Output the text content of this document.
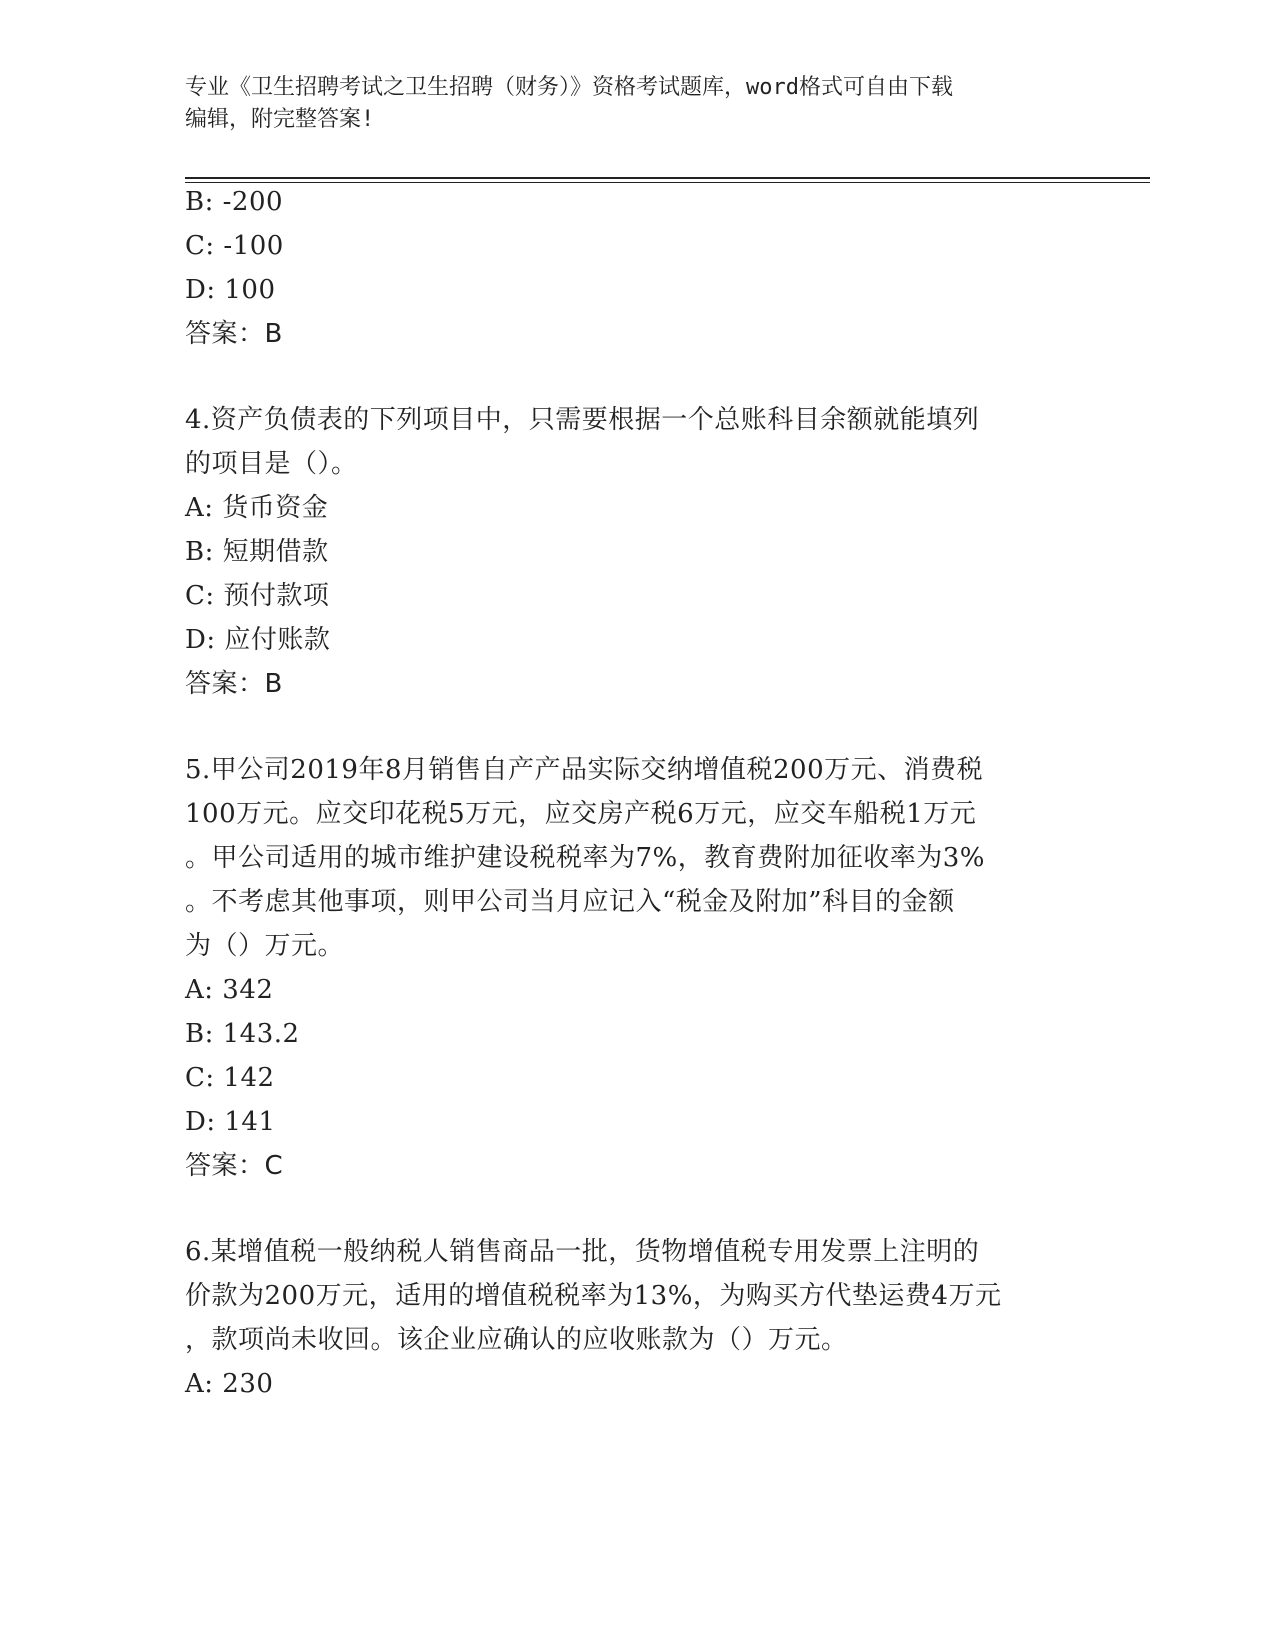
专业《卫生招聘考试之卫生招聘（财务）》资格考试题库，word格式可自由下载
编辑，附完整答案!
B: -200
C: -100
D: 100
答案：B
4.资产负债表的下列项目中，只需要根据一个总账科目余额就能填列
的项目是（）。
A: 货币资金
B: 短期借款
C: 预付款项
D: 应付账款
答案：B
5.甲公司2019年8月销售自产产品实际交纳增值税200万元、消费税
100万元。应交印花税5万元，应交房产税6万元，应交车船税1万元
。甲公司适用的城市维护建设税税率为7%，教育费附加征收率为3%
。不考虑其他事项，则甲公司当月应记入“税金及附加”科目的金额
为（）万元。
A: 342
B: 143.2
C: 142
D: 141
答案：C
6.某增值税一般纳税人销售商品一批，货物增值税专用发票上注明的
价款为200万元，适用的增值税税率为13%，为购买方代垫运费4万元
，款项尚未收回。该企业应确认的应收账款为（）万元。
A: 230
